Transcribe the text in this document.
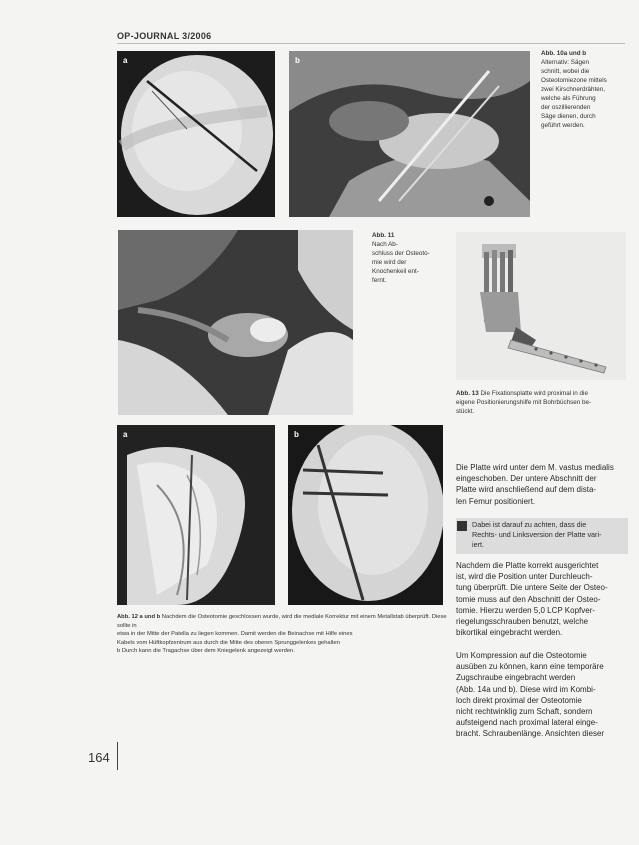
OP-JOURNAL 3/2006
a	b
Abb. 10a und b
Alternativ: Sägen
schnitt, wobei die
Osteotomiezone mittels
zwei Kirschnerdrähten,
welche als Führung
der oszillierenden
Säge dienen, durch
geführt werden.
Abb. 11
Nach Ab-
schluss der Osteoto-
mie wird der
Knochenkeil ent-
fernt.
Abb. 13 Die Fixationsplatte wird proximal in die
eigene Positionierungshilfe mit Bohrbüchsen be-
stückt.
a	b
Abb. 12 a und b Nachdem die Osteotomie geschlossen wurde, wird die mediale Korrektur mit einem Metallstab überprüft. Diese sollte in
etwa in der Mitte der Patella zu liegen kommen. Damit werden die Beinachse mit Hilfe eines
Kabels vom Hüftkopfzentrum aus durch die Mitte des oberen Sprunggelenkes gehalten
b Durch kann die Tragachse über dem Kniegelenk angezeigt werden.
Die Platte wird unter dem M. vastus medialis
eingeschoben. Der untere Abschnitt der
Platte wird anschließend auf dem dista-
len Femur positioniert.
Dabei ist darauf zu achten, dass die
Rechts- und Linksversion der Platte vari-
iert.
Nachdem die Platte korrekt ausgerichtet
ist, wird die Position unter Durchleuch-
tung überprüft. Die untere Seite der Osteo-
tomie muss auf den Abschnitt der Osteo-
tomie. Hierzu werden 5,0 LCP Kopfver-
riegelungsschrauben benutzt, welche
bikortikal eingebracht werden.
Um Kompression auf die Osteotomie
ausüben zu können, kann eine temporäre
Zugschraube eingebracht werden
(Abb. 14a und b). Diese wird im Kombi-
loch direkt proximal der Osteotomie
nicht rechtwinklig zum Schaft, sondern
aufsteigend nach proximal lateral einge-
bracht. Schraubenlänge. Ansichten dieser
164
